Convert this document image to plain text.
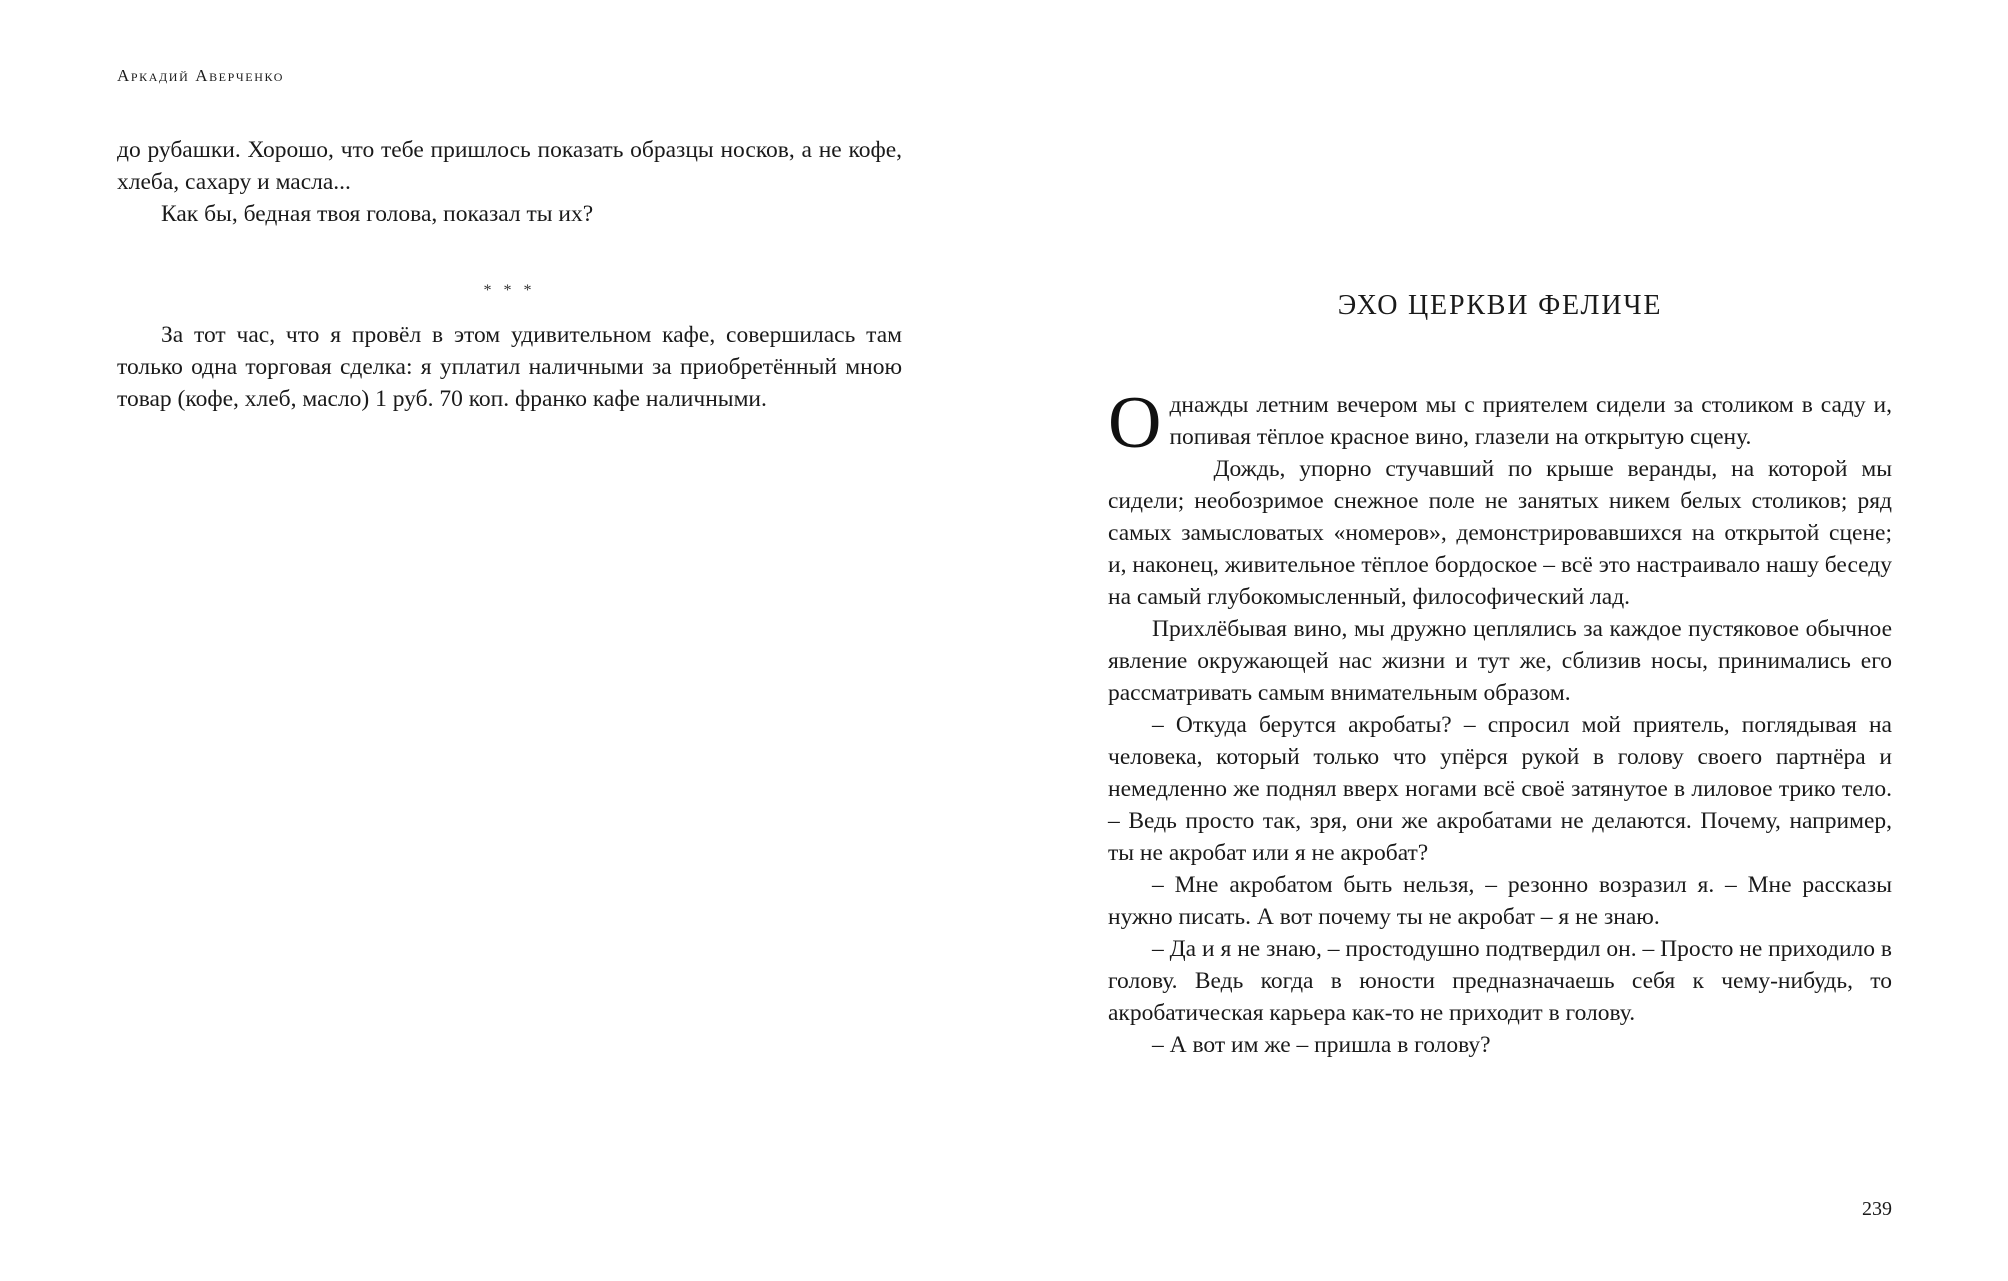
Аркадий Аверченко

до рубашки. Хорошо, что тебе пришлось показать образцы носков, а не кофе, хлеба, сахару и масла...

Как бы, бедная твоя голова, показал ты их?

* * *

За тот час, что я провёл в этом удивительном кафе, совершилась там только одна торговая сделка: я уплатил наличными за приобретённый мною товар (кофе, хлеб, масло) 1 руб. 70 коп. франко кафе наличными.

ЭХО ЦЕРКВИ ФЕЛИЧЕ

Однажды летним вечером мы с приятелем сидели за столиком в саду и, попивая тёплое красное вино, глазели на открытую сцену.

Дождь, упорно стучавший по крыше веранды, на которой мы сидели; необозримое снежное поле не занятых никем белых столиков; ряд самых замысловатых «номеров», демонстрировавшихся на открытой сцене; и, наконец, живительное тёплое бордоское – всё это настраивало нашу беседу на самый глубокомысленный, философический лад.

Прихлёбывая вино, мы дружно цеплялись за каждое пустяковое обычное явление окружающей нас жизни и тут же, сблизив носы, принимались его рассматривать самым внимательным образом.

– Откуда берутся акробаты? – спросил мой приятель, поглядывая на человека, который только что упёрся рукой в голову своего партнёра и немедленно же поднял вверх ногами всё своё затянутое в лиловое трико тело. – Ведь просто так, зря, они же акробатами не делаются. Почему, например, ты не акробат или я не акробат?

– Мне акробатом быть нельзя, – резонно возразил я. – Мне рассказы нужно писать. А вот почему ты не акробат – я не знаю.

– Да и я не знаю, – простодушно подтвердил он. – Просто не приходило в голову. Ведь когда в юности предназначаешь себя к чему-нибудь, то акробатическая карьера как-то не приходит в голову.

– А вот им же – пришла в голову?

239
